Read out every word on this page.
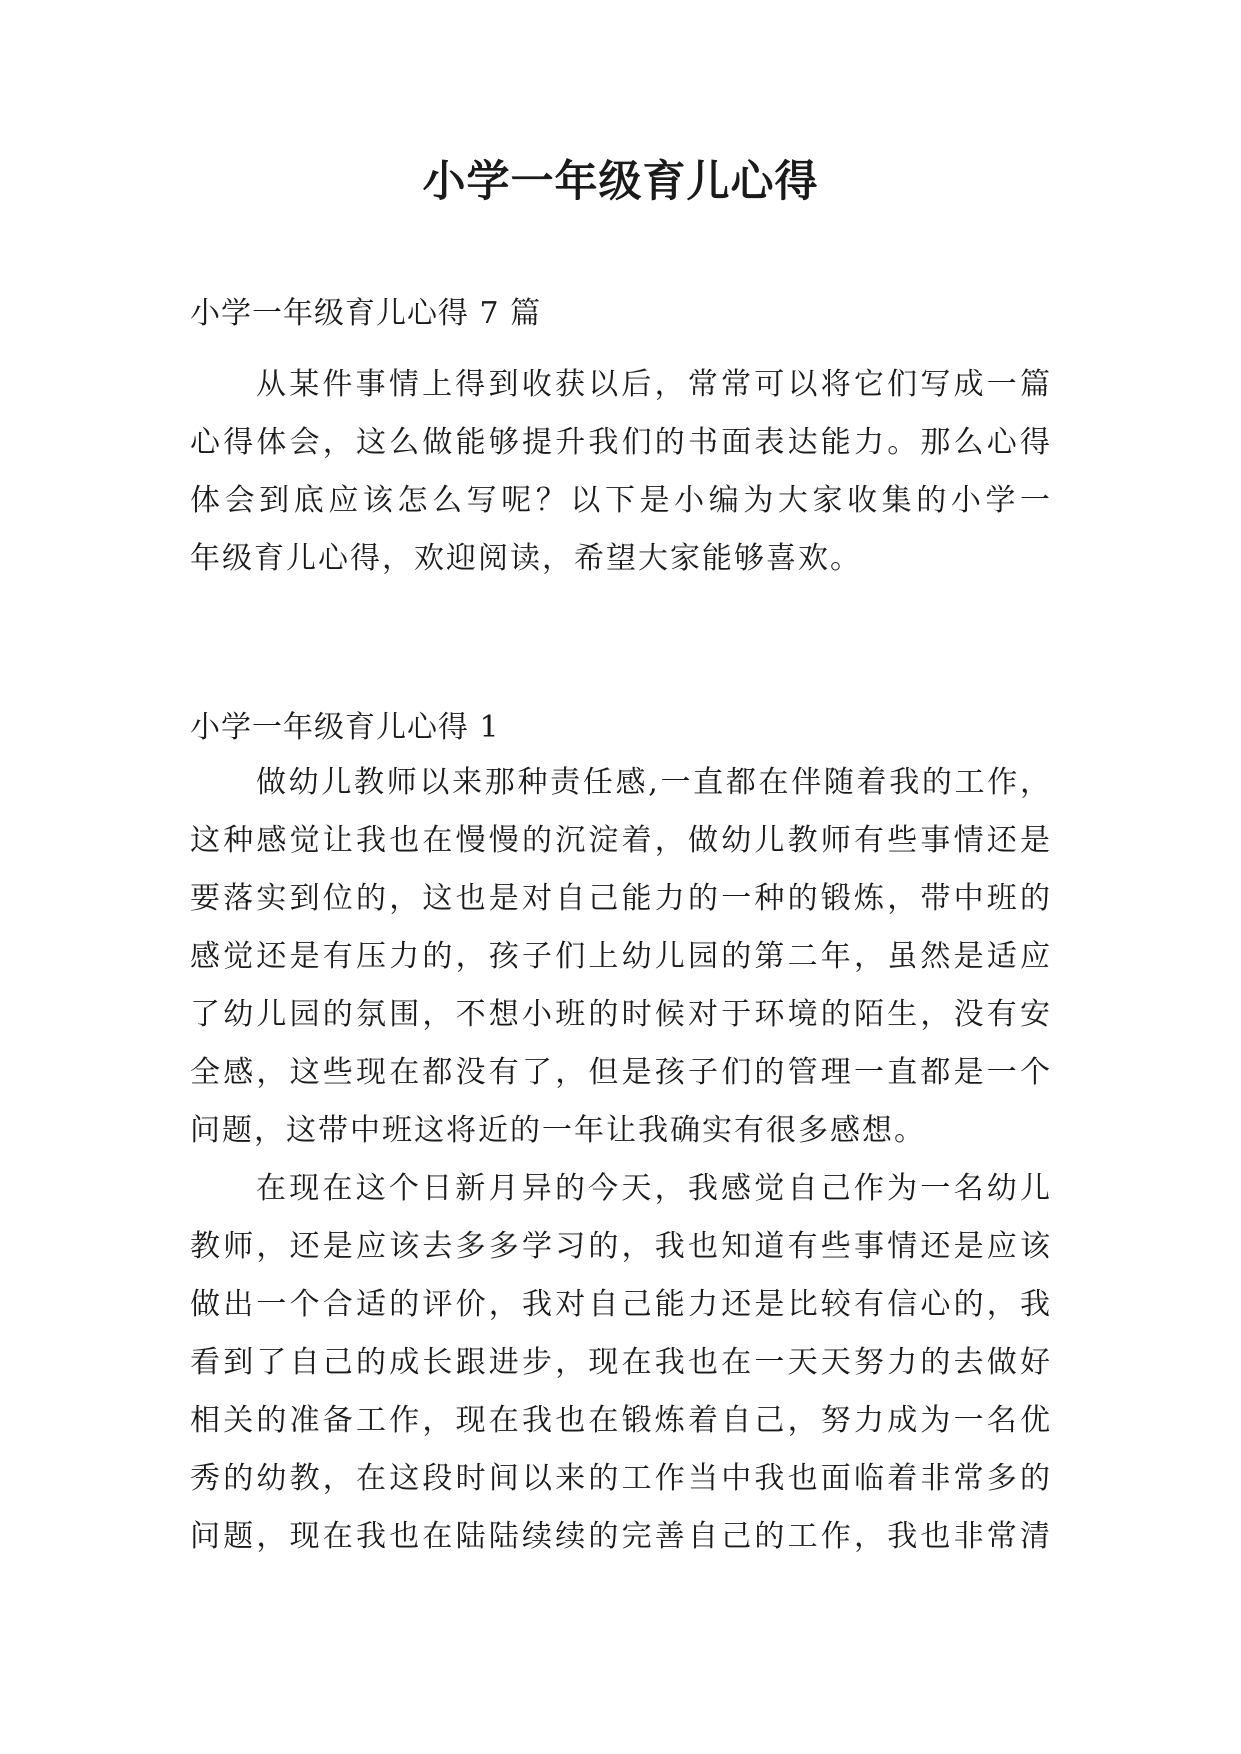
小学一年级育儿心得

小学一年级育儿心得 7 篇

从某件事情上得到收获以后，常常可以将它们写成一篇
心得体会，这么做能够提升我们的书面表达能力。那么心得
体会到底应该怎么写呢？以下是小编为大家收集的小学一
年级育儿心得，欢迎阅读，希望大家能够喜欢。

小学一年级育儿心得 1

做幼儿教师以来那种责任感,一直都在伴随着我的工作，
这种感觉让我也在慢慢的沉淀着，做幼儿教师有些事情还是
要落实到位的，这也是对自己能力的一种的锻炼，带中班的
感觉还是有压力的，孩子们上幼儿园的第二年，虽然是适应
了幼儿园的氛围，不想小班的时候对于环境的陌生，没有安
全感，这些现在都没有了，但是孩子们的管理一直都是一个
问题，这带中班这将近的一年让我确实有很多感想。
在现在这个日新月异的今天，我感觉自己作为一名幼儿
教师，还是应该去多多学习的，我也知道有些事情还是应该
做出一个合适的评价，我对自己能力还是比较有信心的，我
看到了自己的成长跟进步，现在我也在一天天努力的去做好
相关的准备工作，现在我也在锻炼着自己，努力成为一名优
秀的幼教，在这段时间以来的工作当中我也面临着非常多的
问题，现在我也在陆陆续续的完善自己的工作，我也非常清
